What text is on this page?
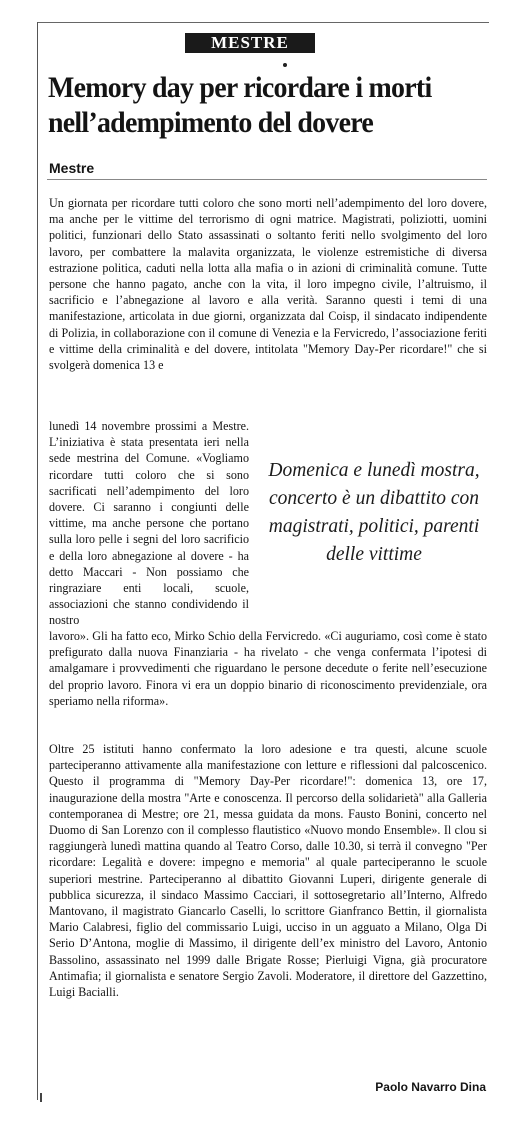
MESTRE
Memory day per ricordare i morti nell’adempimento del dovere
Mestre

Un giornata per ricordare tutti coloro che sono morti nell’adempimento del loro dovere, ma anche per le vittime del terrorismo di ogni matrice. Magistrati, poliziotti, uomini politici, funzionari dello Stato assassinati o soltanto feriti nello svolgimento del loro lavoro, per combattere la malavita organizzata, le violenze estremistiche di diversa estrazione politica, caduti nella lotta alla mafia o in azioni di criminalità comune. Tutte persone che hanno pagato, anche con la vita, il loro impegno civile, l’altruismo, il sacrificio e l’abnegazione al lavoro e alla verità. Saranno questi i temi di una manifestazione, articolata in due giorni, organizzata dal Coisp, il sindacato indipendente di Polizia, in collaborazione con il comune di Venezia e la Fervicredo, l’associazione feriti e vittime della criminalità e del dovere, intitolata "Memory Day-Per ricordare!" che si svolgerà domenica 13 e

lunedì 14 novembre prossimi a Mestre. L’iniziativa è stata presentata ieri nella sede mestrina del Comune. «Vogliamo ricordare tutti coloro che si sono sacrificati nell’adempimento del loro dovere. Ci saranno i congiunti delle vittime, ma anche persone che portano sulla loro pelle i segni del loro sacrificio e della loro abnegazione al dovere - ha detto Maccari - Non possiamo che ringraziare enti locali, scuole, associazioni che stanno condividendo il nostro

Domenica e lunedì mostra, concerto è un dibattito con magistrati, politici, parenti delle vittime

lavoro». Gli ha fatto eco, Mirko Schio della Fervicredo. «Ci auguriamo, così come è stato prefigurato dalla nuova Finanziaria - ha rivelato - che venga confermata l’ipotesi di amalgamare i provvedimenti che riguardano le persone decedute o ferite nell’esecuzione del proprio lavoro. Finora vi era un doppio binario di riconoscimento previdenziale, ora speriamo nella riforma».

Oltre 25 istituti hanno confermato la loro adesione e tra questi, alcune scuole parteciperanno attivamente alla manifestazione con letture e riflessioni dal palcoscenico. Questo il programma di "Memory Day-Per ricordare!": domenica 13, ore 17, inaugurazione della mostra "Arte e conoscenza. Il percorso della solidarietà" alla Galleria contemporanea di Mestre; ore 21, messa guidata da mons. Fausto Bonini, concerto nel Duomo di San Lorenzo con il complesso flautistico «Nuovo mondo Ensemble». Il clou si raggiungerà lunedì mattina quando al Teatro Corso, dalle 10.30, si terrà il convegno "Per ricordare: Legalità e dovere: impegno e memoria" al quale parteciperanno le scuole superiori mestrine. Parteciperanno al dibattito Giovanni Luperi, dirigente generale di pubblica sicurezza, il sindaco Massimo Cacciari, il sottosegretario all’Interno, Alfredo Mantovano, il magistrato Giancarlo Caselli, lo scrittore Gianfranco Bettin, il giornalista Mario Calabresi, figlio del commissario Luigi, ucciso in un agguato a Milano, Olga Di Serio D’Antona, moglie di Massimo, il dirigente dell’ex ministro del Lavoro, Antonio Bassolino, assassinato nel 1999 dalle Brigate Rosse; Pierluigi Vigna, già procuratore Antimafia; il giornalista e senatore Sergio Zavoli. Moderatore, il direttore del Gazzettino, Luigi Bacialli.

Paolo Navarro Dina
